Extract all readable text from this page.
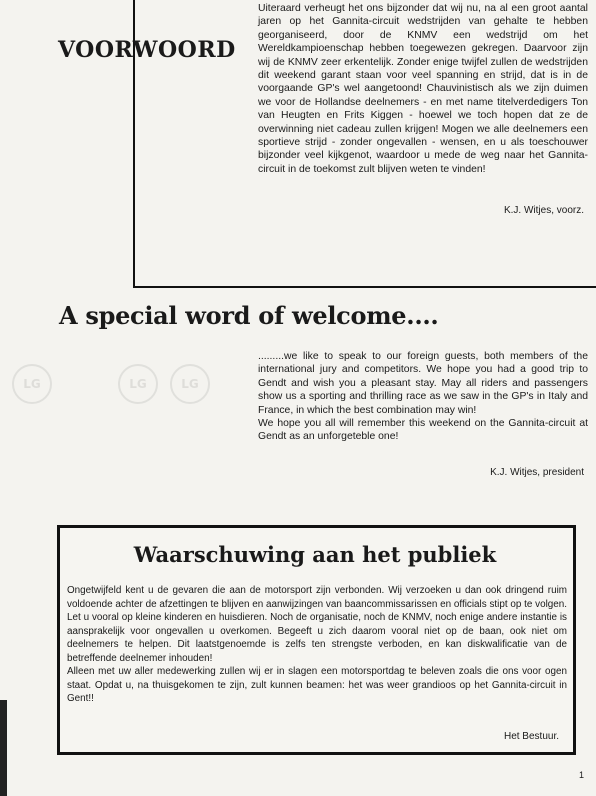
LG	LG	LG
VOORWOORD
Uiteraard verheugt het ons bijzonder dat wij nu, na al een groot aantal jaren op het Gannita-circuit wedstrijden van gehalte te hebben georganiseerd, door de KNMV een wedstrijd om het Wereldkampioenschap hebben toegewezen gekregen. Daarvoor zijn wij de KNMV zeer erkentelijk. Zonder enige twijfel zullen de wedstrijden dit weekend garant staan voor veel spanning en strijd, dat is in de voorgaande GP's wel aangetoond! Chauvinistisch als we zijn duimen we voor de Hollandse deelnemers - en met name titelverdedigers Ton van Heugten en Frits Kiggen - hoewel we toch hopen dat ze de overwinning niet cadeau zullen krijgen! Mogen we alle deelnemers een sportieve strijd - zonder ongevallen - wensen, en u als toeschouwer bijzonder veel kijkgenot, waardoor u mede de weg naar het Gannita-circuit in de toekomst zult blijven weten te vinden!
K.J. Witjes, voorz.
A special word of welcome....
.........we like to speak to our foreign guests, both members of the international jury and competitors. We hope you had a good trip to Gendt and wish you a pleasant stay. May all riders and passengers show us a sporting and thrilling race as we saw in the GP's in Italy and France, in which the best combination may win!
We hope you all will remember this weekend on the Gannita-circuit at Gendt as an unforgeteble one!
K.J. Witjes, president
Waarschuwing aan het publiek
Ongetwijfeld kent u de gevaren die aan de motorsport zijn verbonden. Wij verzoeken u dan ook dringend ruim voldoende achter de afzettingen te blijven en aanwijzingen van baancommissarissen en officials stipt op te volgen. Let u vooral op kleine kinderen en huisdieren. Noch de organisatie, noch de KNMV, noch enige andere instantie is aansprakelijk voor ongevallen u overkomen. Begeeft u zich daarom vooral niet op de baan, ook niet om deelnemers te helpen. Dit laatstgenoemde is zelfs ten strengste verboden, en kan diskwalificatie van de betreffende deelnemer inhouden!
Alleen met uw aller medewerking zullen wij er in slagen een motorsportdag te beleven zoals die ons voor ogen staat. Opdat u, na thuisgekomen te zijn, zult kunnen beamen: het was weer grandioos op het Gannita-circuit in Gent!!
Het Bestuur.
1
